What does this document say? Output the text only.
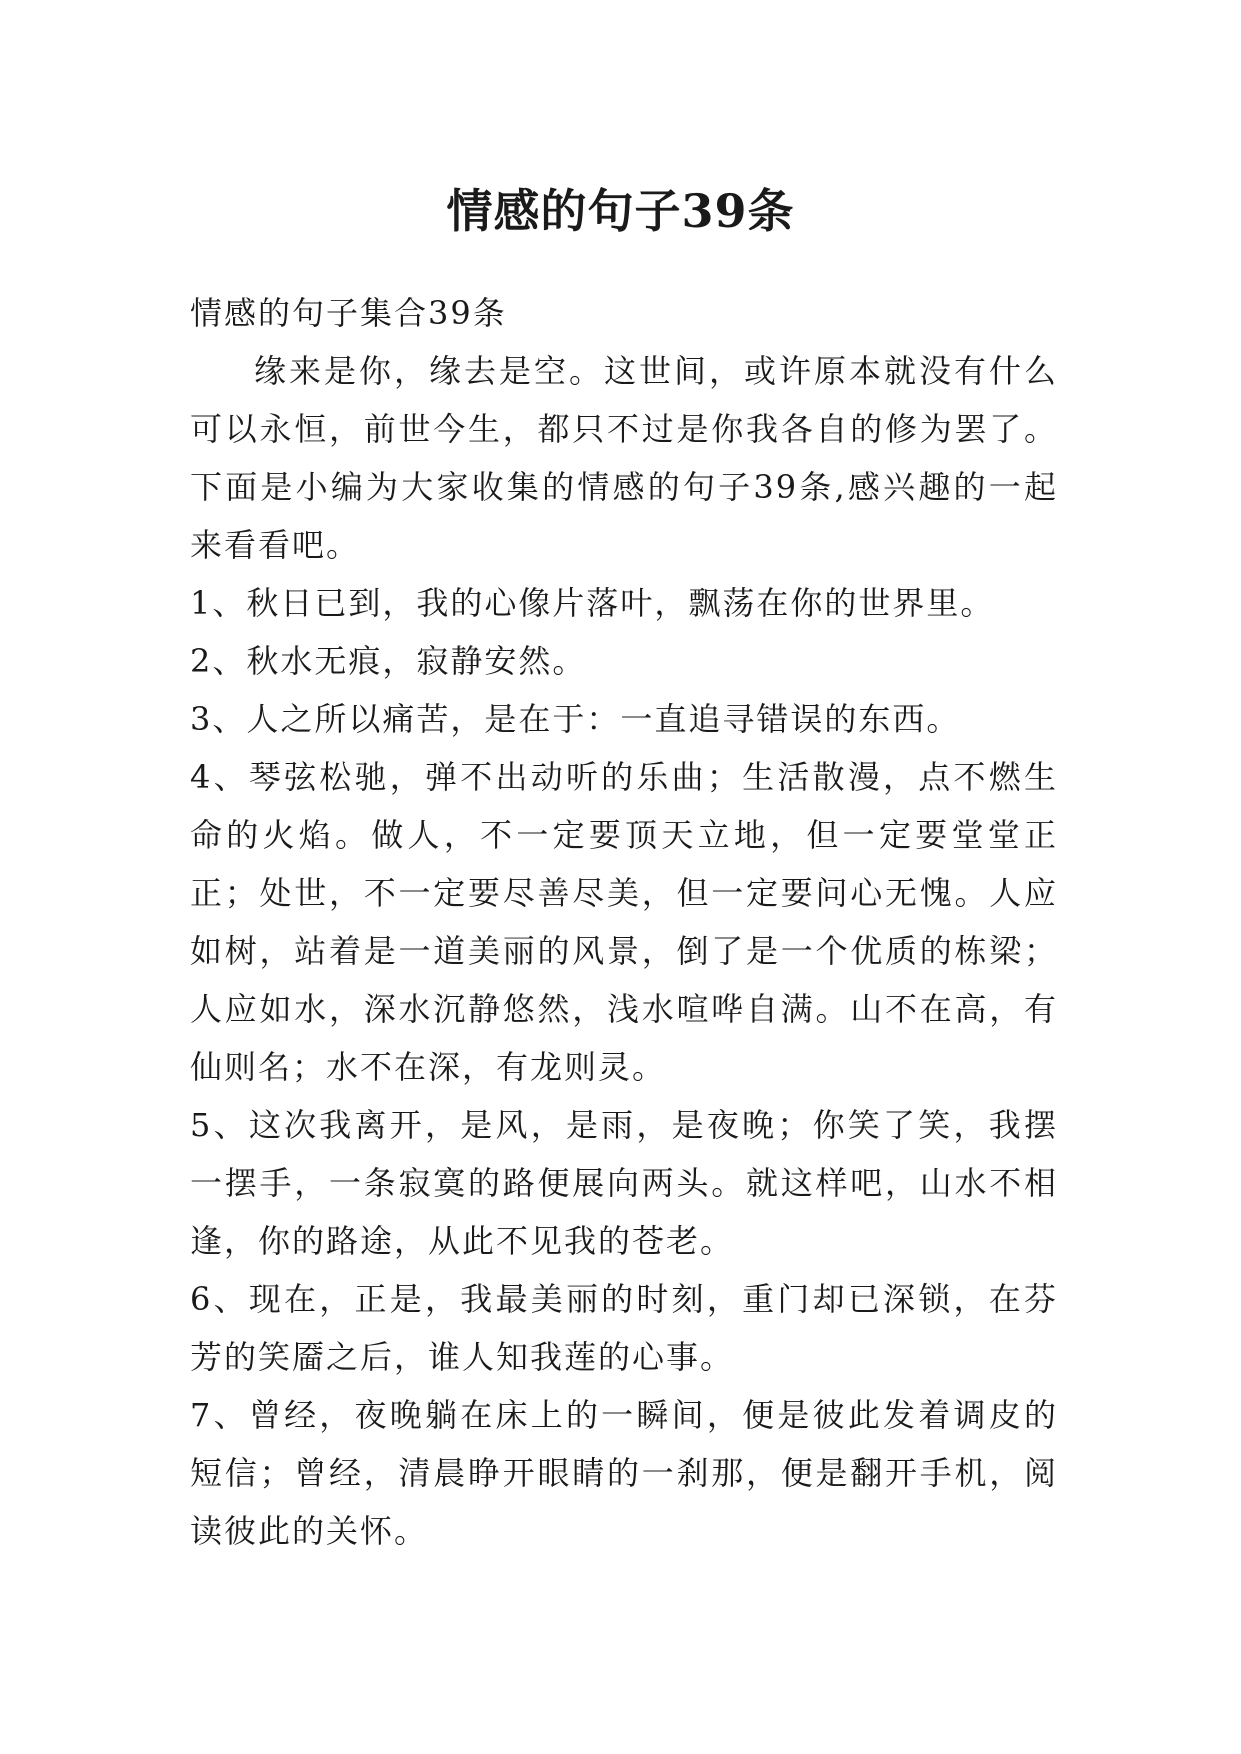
情感的句子39条

情感的句子集合39条

缘来是你，缘去是空。这世间，或许原本就没有什么可以永恒，前世今生，都只不过是你我各自的修为罢了。下面是小编为大家收集的情感的句子39条,感兴趣的一起来看看吧。

1、秋日已到，我的心像片落叶，飘荡在你的世界里。

2、秋水无痕，寂静安然。

3、人之所以痛苦，是在于：一直追寻错误的东西。

4、琴弦松驰，弹不出动听的乐曲；生活散漫，点不燃生命的火焰。做人，不一定要顶天立地，但一定要堂堂正正；处世，不一定要尽善尽美，但一定要问心无愧。人应如树，站着是一道美丽的风景，倒了是一个优质的栋梁；人应如水，深水沉静悠然，浅水喧哗自满。山不在高，有仙则名；水不在深，有龙则灵。

5、这次我离开，是风，是雨，是夜晚；你笑了笑，我摆一摆手，一条寂寞的路便展向两头。就这样吧，山水不相逢，你的路途，从此不见我的苍老。

6、现在，正是，我最美丽的时刻，重门却已深锁，在芬芳的笑靥之后，谁人知我莲的心事。

7、曾经，夜晚躺在床上的一瞬间，便是彼此发着调皮的短信；曾经，清晨睁开眼睛的一刹那，便是翻开手机，阅读彼此的关怀。
